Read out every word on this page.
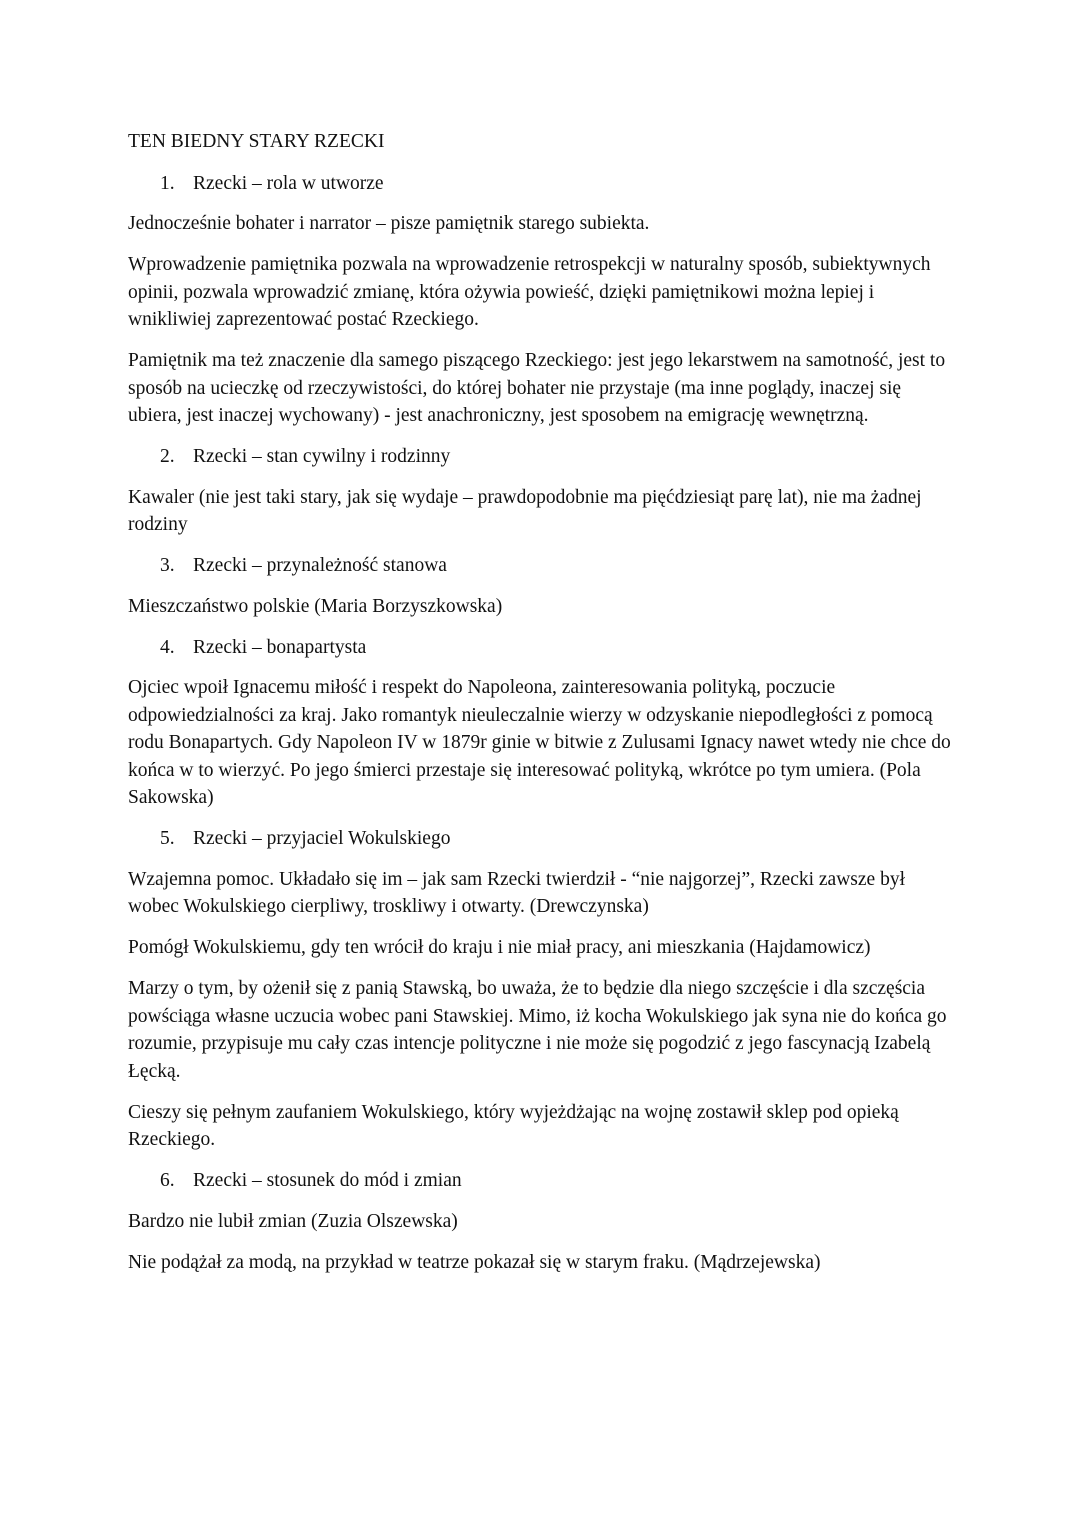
TEN BIEDNY STARY RZECKI
1. Rzecki – rola w utworze

Jednocześnie bohater i narrator – pisze pamiętnik starego subiekta.

Wprowadzenie pamiętnika pozwala na wprowadzenie retrospekcji w naturalny sposób, subiektywnych opinii, pozwala wprowadzić zmianę, która ożywia powieść, dzięki pamiętnikowi można lepiej i wnikliwiej zaprezentować postać Rzeckiego.

Pamiętnik ma też znaczenie dla samego piszącego Rzeckiego: jest jego lekarstwem na samotność, jest to sposób na ucieczkę od rzeczywistości, do której bohater nie przystaje (ma inne poglądy, inaczej się ubiera, jest inaczej wychowany) - jest anachroniczny, jest sposobem na emigrację wewnętrzną.

2. Rzecki – stan cywilny i rodzinny

Kawaler (nie jest taki stary, jak się wydaje – prawdopodobnie ma pięćdziesiąt parę lat), nie ma żadnej rodziny

3. Rzecki – przynależność stanowa

Mieszczaństwo polskie (Maria Borzyszkowska)

4. Rzecki – bonapartysta

Ojciec wpoił Ignacemu miłość i respekt do Napoleona, zainteresowania polityką, poczucie odpowiedzialności za kraj. Jako romantyk nieuleczalnie wierzy w odzyskanie niepodległości z pomocą rodu Bonapartych. Gdy Napoleon IV w 1879r ginie w bitwie z Zulusami Ignacy nawet wtedy nie chce do końca w to wierzyć. Po jego śmierci przestaje się interesować polityką, wkrótce po tym umiera. (Pola Sakowska)

5. Rzecki – przyjaciel Wokulskiego

Wzajemna pomoc. Układało się im – jak sam Rzecki twierdził - “nie najgorzej”, Rzecki zawsze był wobec Wokulskiego cierpliwy, troskliwy i otwarty. (Drewczynska)

Pomógł Wokulskiemu, gdy ten wrócił do kraju i nie miał pracy, ani mieszkania (Hajdamowicz)

Marzy o tym, by ożenił się z panią Stawską, bo uważa, że to będzie dla niego szczęście i dla szczęścia powściąga własne uczucia wobec pani Stawskiej. Mimo, iż kocha Wokulskiego jak syna nie do końca go rozumie, przypisuje mu cały czas intencje polityczne i nie może się pogodzić z jego fascynacją Izabelą Łęcką.

Cieszy się pełnym zaufaniem Wokulskiego, który wyjeżdżając na wojnę zostawił sklep pod opieką Rzeckiego.

6. Rzecki – stosunek do mód i zmian

Bardzo nie lubił zmian (Zuzia Olszewska)

Nie podążał za modą, na przykład w teatrze pokazał się w starym fraku. (Mądrzejewska)
